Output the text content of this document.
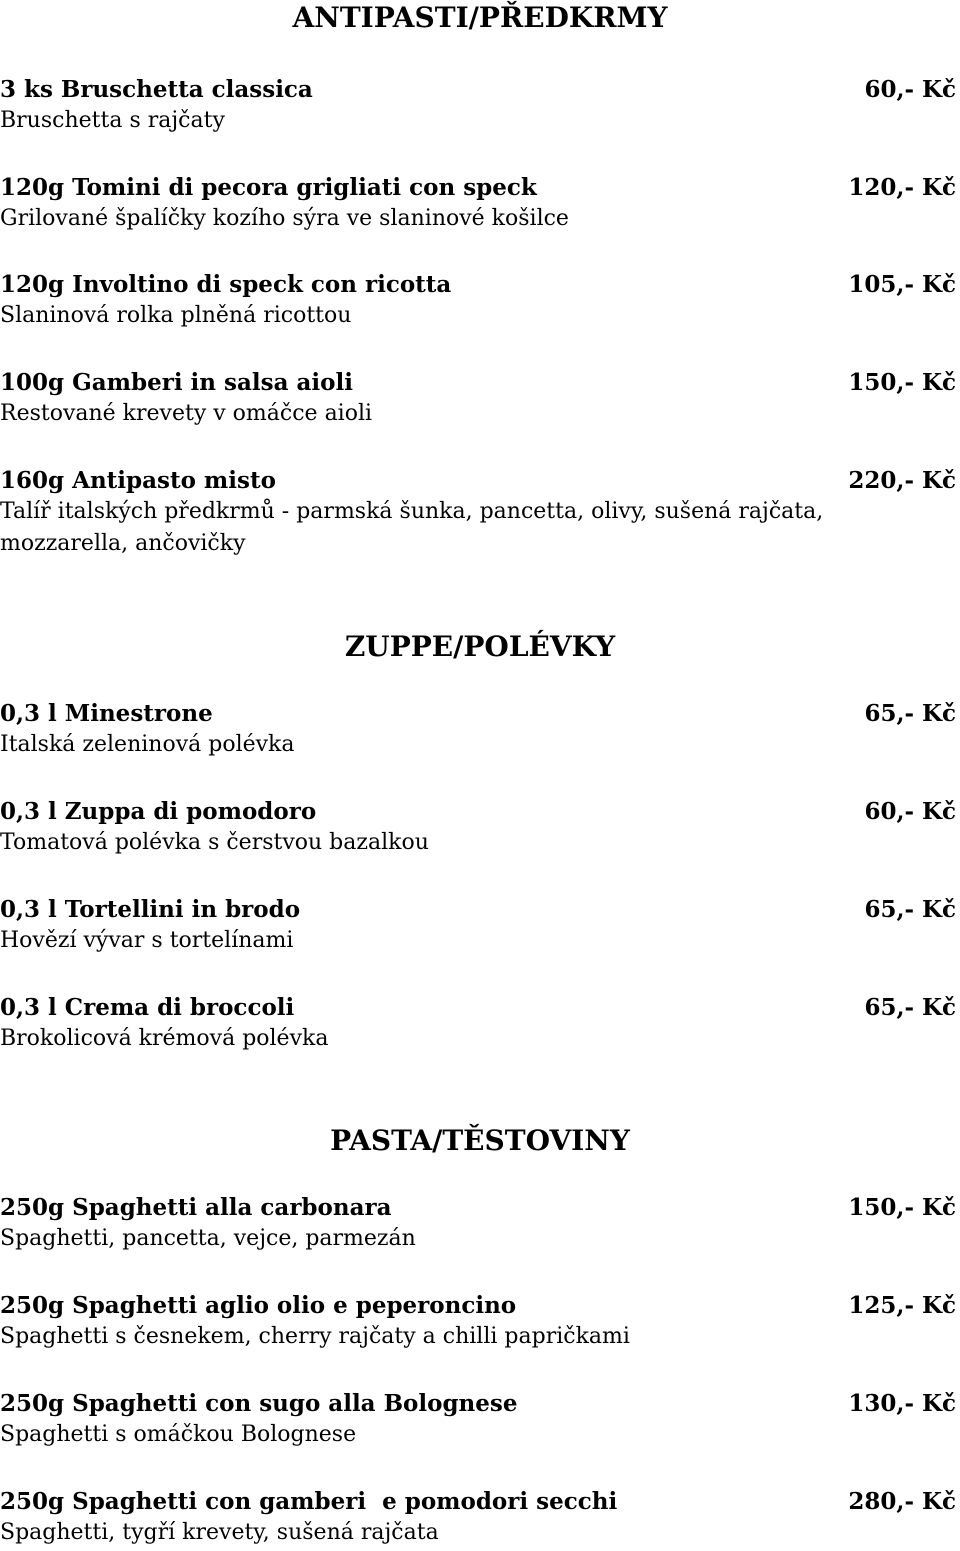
ANTIPASTI/PŘEDKRMY
3 ks Bruschetta classica	60,- Kč
Bruschetta s rajčaty
120g Tomini di pecora grigliati con speck	120,- Kč
Grilované špalíčky kozího sýra ve slaninové košilce
120g Involtino di speck con ricotta	105,- Kč
Slaninová rolka plněná ricottou
100g Gamberi in salsa aioli	150,- Kč
Restované krevety v omáčce aioli
160g Antipasto misto	220,- Kč
Talíř italských předkrmů - parmská šunka, pancetta, olivy, sušená rajčata, mozzarella, ančovičky
ZUPPE/POLÉVKY
0,3 l Minestrone	65,- Kč
Italská zeleninová polévka
0,3 l Zuppa di pomodoro	60,- Kč
Tomatová polévka s čerstvou bazalkou
0,3 l Tortellini in brodo	65,- Kč
Hovězí vývar s tortelínami
0,3 l Crema di broccoli	65,- Kč
Brokolicová krémová polévka
PASTA/TĚSTOVINY
250g Spaghetti alla carbonara	150,- Kč
Spaghetti, pancetta, vejce, parmezán
250g Spaghetti aglio olio e peperoncino	125,- Kč
Spaghetti s česnekem, cherry rajčaty a chilli papričkami
250g Spaghetti con sugo alla Bolognese	130,- Kč
Spaghetti s omáčkou Bolognese
250g Spaghetti con gamberi  e pomodori secchi	280,- Kč
Spaghetti, tygří krevety, sušená rajčata
